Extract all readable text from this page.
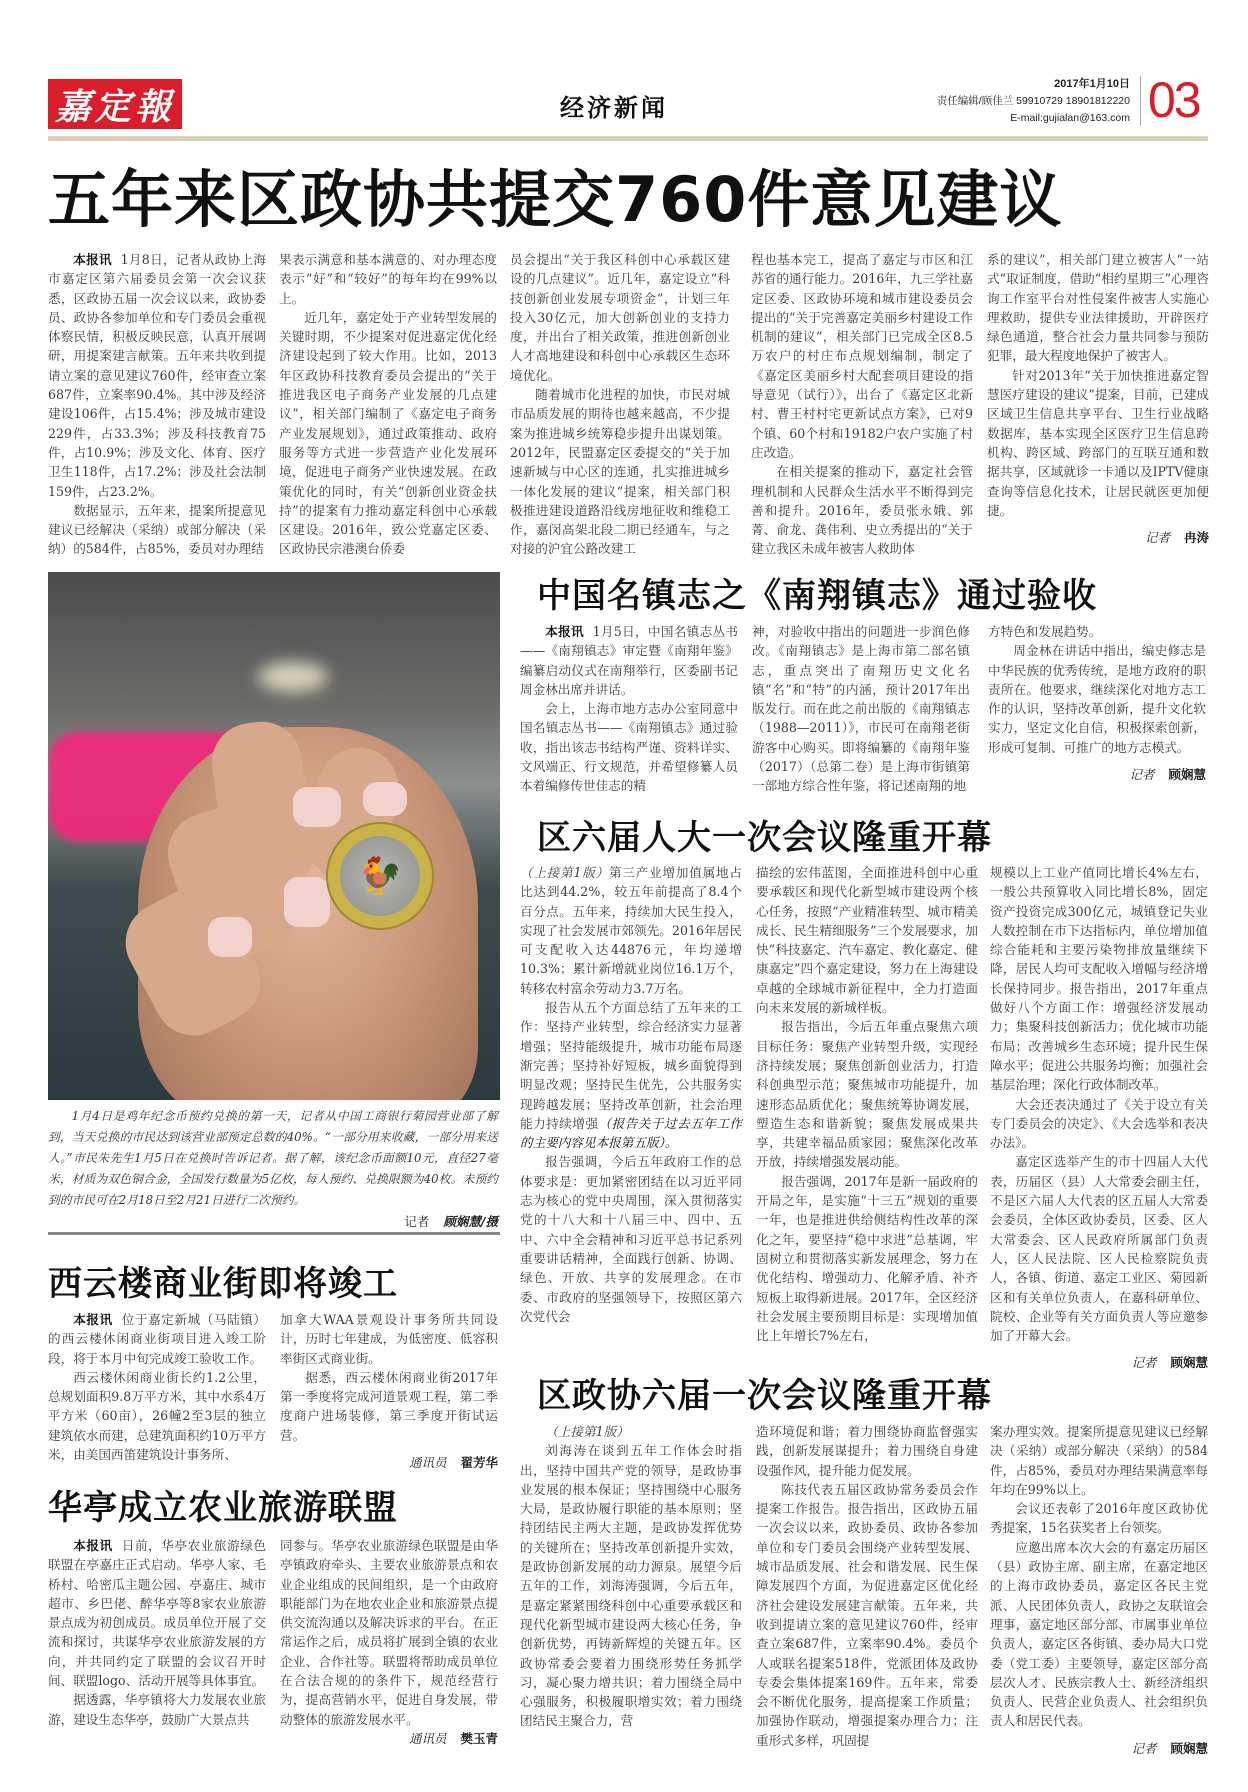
嘉定報	经济新闻
2017年1月10日
责任编辑/顾佳兰 59910729 18901812220
E-mail:gujialan@163.com 03
五年来区政协共提交760件意见建议

本报讯 1月8日，记者从政协上海市嘉定区第六届委员会第一次会议获悉，区政协五届一次会议以来，政协委员、政协各参加单位和专门委员会重视体察民情，积极反映民意，认真开展调研，用提案建言献策。五年来共收到提请立案的意见建议760件，经审查立案687件，立案率90.4%。其中涉及经济建设106件，占15.4%；涉及城市建设229件，占33.3%；涉及科技教育75件，占10.9%；涉及文化、体育、医疗卫生118件，占17.2%；涉及社会法制159件，占23.2%。

数据显示，五年来，提案所提意见建议已经解决（采纳）或部分解决（采纳）的584件，占85%，委员对办理结

果表示满意和基本满意的、对办理态度表示“好”和“较好”的每年均在99%以上。

近几年，嘉定处于产业转型发展的关键时期，不少提案对促进嘉定优化经济建设起到了较大作用。比如，2013年区政协科技教育委员会提出的“关于推进我区电子商务产业发展的几点建议”，相关部门编制了《嘉定电子商务产业发展规划》，通过政策推动、政府服务等方式进一步营造产业化发展环境，促进电子商务产业快速发展。在政策优化的同时，有关“创新创业资金扶持”的提案有力推动嘉定科创中心承载区建设。2016年，致公党嘉定区委、区政协民宗港澳台侨委

员会提出“关于我区科创中心承载区建设的几点建议”。近几年，嘉定设立“科技创新创业发展专项资金”，计划三年投入30亿元，加大创新创业的支持力度，并出台了相关政策，推进创新创业人才高地建设和科创中心承载区生态环境优化。

随着城市化进程的加快，市民对城市品质发展的期待也越来越高，不少提案为推进城乡统筹稳步提升出谋划策。2012年，民盟嘉定区委提交的“关于加速新城与中心区的连通，扎实推进城乡一体化发展的建议”提案，相关部门积极推进建设道路沿线房地征收和维稳工作，嘉闵高架北段二期已经通车，与之对接的沪宜公路改建工

程也基本完工，提高了嘉定与市区和江苏省的通行能力。2016年，九三学社嘉定区委、区政协环境和城市建设委员会提出的“关于完善嘉定美丽乡村建设工作机制的建议”，相关部门已完成全区8.5万农户的村庄布点规划编制，制定了《嘉定区美丽乡村大配套项目建设的指导意见（试行）》，出台了《嘉定区北新村、曹王村村宅更新试点方案》，已对9个镇、60个村和19182户农户实施了村庄改造。

在相关提案的推动下，嘉定社会管理机制和人民群众生活水平不断得到完善和提升。2016年，委员张永娥、郭菁、俞龙、龚伟利、史立秀提出的“关于建立我区未成年被害人救助体

系的建议”，相关部门建立被害人“一站式”取证制度，借助“相约星期三”心理咨询工作室平台对性侵案件被害人实施心理救助，提供专业法律援助，开辟医疗绿色通道，整合社会力量共同参与预防犯罪，最大程度地保护了被害人。

针对2013年“关于加快推进嘉定智慧医疗建设的建议”提案，目前，已建成区域卫生信息共享平台、卫生行业战略数据库，基本实现全区医疗卫生信息跨机构、跨区域、跨部门的互联互通和数据共享，区域就诊一卡通以及IPTV健康查询等信息化技术，让居民就医更加便捷。

记者 冉涛
🐓
1月4日是鸡年纪念币预约兑换的第一天，记者从中国工商银行菊园营业部了解到，当天兑换的市民达到该营业部预定总数的40%。“一部分用来收藏，一部分用来送人。”市民朱先生1月5日在兑换时告诉记者。据了解，该纪念币面额10元，直径27毫米，材质为双色铜合金，全国发行数量为5亿枚，每人预约、兑换限额为40枚。未预约到的市民可在2月18日至2月21日进行二次预约。
记者 顾娴慧/摄
中国名镇志之《南翔镇志》通过验收

本报讯 1月5日，中国名镇志丛书——《南翔镇志》审定暨《南翔年鉴》编纂启动仪式在南翔举行，区委副书记周金林出席并讲话。

会上，上海市地方志办公室同意中国名镇志丛书——《南翔镇志》通过验收，指出该志书结构严谨、资料详实、文风端正、行文规范，并希望修纂人员本着编修传世佳志的精

神，对验收中指出的问题进一步润色修改。《南翔镇志》是上海市第二部名镇志，重点突出了南翔历史文化名镇“名”和“特”的内涵，预计2017年出版发行。而在此之前出版的《南翔镇志（1988—2011）》，市民可在南翔老街游客中心购买。即将编纂的《南翔年鉴（2017）（总第二卷）是上海市街镇第一部地方综合性年鉴，将记述南翔的地

方特色和发展趋势。

周金林在讲话中指出，编史修志是中华民族的优秀传统，是地方政府的职责所在。他要求，继续深化对地方志工作的认识，坚持改革创新，提升文化软实力，坚定文化自信，积极探索创新，形成可复制、可推广的地方志模式。

记者 顾娴慧
区六届人大一次会议隆重开幕

（上接第1版）第三产业增加值属地占比达到44.2%，较五年前提高了8.4个百分点。五年来，持续加大民生投入，实现了社会发展市郊领先。2016年居民可支配收入达44876元，年均递增10.3%；累计新增就业岗位16.1万个，转移农村富余劳动力3.7万名。

报告从五个方面总结了五年来的工作：坚持产业转型，综合经济实力显著增强；坚持能级提升，城市功能布局逐渐完善；坚持补好短板，城乡面貌得到明显改观；坚持民生优先，公共服务实现跨越发展；坚持改革创新，社会治理能力持续增强（报告关于过去五年工作的主要内容见本报第五版）。

报告强调，今后五年政府工作的总体要求是：更加紧密团结在以习近平同志为核心的党中央周围，深入贯彻落实党的十八大和十八届三中、四中、五中、六中全会精神和习近平总书记系列重要讲话精神，全面践行创新、协调、绿色、开放、共享的发展理念。在市委、市政府的坚强领导下，按照区第六次党代会

描绘的宏伟蓝图，全面推进科创中心重要承载区和现代化新型城市建设两个核心任务，按照“产业精准转型、城市精美成长、民生精细服务”三个发展要求，加快“科技嘉定、汽车嘉定、教化嘉定、健康嘉定”四个嘉定建设，努力在上海建设卓越的全球城市新征程中，全力打造面向未来发展的新城样板。

报告指出，今后五年重点聚焦六项目标任务：聚焦产业转型升级，实现经济持续发展；聚焦创新创业活力，打造科创典型示范；聚焦城市功能提升，加速形态品质优化；聚焦统筹协调发展，塑造生态和谐新貌；聚焦发展成果共享，共建幸福品质家园；聚焦深化改革开放，持续增强发展动能。

报告强调，2017年是新一届政府的开局之年，是实施“十三五”规划的重要一年，也是推进供给侧结构性改革的深化之年，要坚持“稳中求进”总基调，牢固树立和贯彻落实新发展理念，努力在优化结构、增强动力、化解矛盾、补齐短板上取得新进展。2017年，全区经济社会发展主要预期目标是：实现增加值比上年增长7%左右，

规模以上工业产值同比增长4%左右，一般公共预算收入同比增长8%，固定资产投资完成300亿元，城镇登记失业人数控制在市下达指标内，单位增加值综合能耗和主要污染物排放量继续下降，居民人均可支配收入增幅与经济增长保持同步。报告指出，2017年重点做好八个方面工作：增强经济发展动力；集聚科技创新活力；优化城市功能布局；改善城乡生态环境；提升民生保障水平；促进公共服务均衡；加强社会基层治理；深化行政体制改革。

大会还表决通过了《关于设立有关专门委员会的决定》、《大会选举和表决办法》。

嘉定区选举产生的市十四届人大代表，历届区（县）人大常委会副主任，不是区六届人大代表的区五届人大常委会委员，全体区政协委员，区委、区人大常委会、区人民政府所属部门负责人，区人民法院、区人民检察院负责人，各镇、街道、嘉定工业区、菊园新区和有关单位负责人，在嘉科研单位、院校、企业等有关方面负责人等应邀参加了开幕大会。

记者 顾娴慧
西云楼商业街即将竣工

本报讯 位于嘉定新城（马陆镇）的西云楼休闲商业街项目进入竣工阶段，将于本月中旬完成竣工验收工作。

西云楼休闲商业街长约1.2公里，总规划面积9.8万平方米，其中水系4万平方米（60亩），26幢2至3层的独立建筑依水而建，总建筑面积约10万平方米，由美国西笛建筑设计事务所、

加拿大WAA景观设计事务所共同设计，历时七年建成，为低密度、低容积率街区式商业街。

据悉，西云楼休闲商业街2017年第一季度将完成河道景观工程，第二季度商户进场装修，第三季度开街试运营。

通讯员 翟芳华
华亭成立农业旅游联盟

本报讯 日前，华亭农业旅游绿色联盟在亭嘉庄正式启动。华亭人家、毛桥村、哈密瓜主题公园、亭嘉庄、城市超市、乡巴佬、醉华亭等8家农业旅游景点成为初创成员。成员单位开展了交流和探讨，共谋华亭农业旅游发展的方向，并共同约定了联盟的会议召开时间、联盟logo、活动开展等具体事宜。

据透露，华亭镇将大力发展农业旅游，建设生态华亭，鼓励广大景点共

同参与。华亭农业旅游绿色联盟是由华亭镇政府牵头、主要农业旅游景点和农业企业组成的民间组织，是一个由政府职能部门为在地农业企业和旅游景点提供交流沟通以及解决诉求的平台。在正常运作之后，成员将扩展到全镇的农业企业、合作社等。联盟将帮助成员单位在合法合规的的条件下，规范经营行为，提高营销水平，促进自身发展，带动整体的旅游发展水平。

通讯员 樊玉青
区政协六届一次会议隆重开幕

（上接第1版）

刘海涛在谈到五年工作体会时指出，坚持中国共产党的领导，是政协事业发展的根本保证；坚持围绕中心服务大局，是政协履行职能的基本原则；坚持团结民主两大主题，是政协发挥优势的关键所在；坚持改革创新提升实效，是政协创新发展的动力源泉。展望今后五年的工作，刘海涛强调，今后五年，是嘉定紧紧围绕科创中心重要承载区和现代化新型城市建设两大核心任务，争创新优势，再铸新辉煌的关键五年。区政协常委会要着力围绕形势任务抓学习，凝心聚力增共识；着力围绕全局中心强服务，积极履职增实效；着力围绕团结民主聚合力，营

造环境促和谐；着力围绕协商监督强实践，创新发展谋提升；着力围绕自身建设强作风，提升能力促发展。

陈技代表五届区政协常务委员会作提案工作报告。报告指出，区政协五届一次会议以来，政协委员、政协各参加单位和专门委员会围绕产业转型发展、城市品质发展、社会和谐发展、民生保障发展四个方面，为促进嘉定区优化经济社会建设发展建言献策。五年来，共收到提请立案的意见建议760件，经审查立案687件，立案率90.4%。委员个人或联名提案518件，党派团体及政协专委会集体提案169件。五年来，常委会不断优化服务，提高提案工作质量；加强协作联动，增强提案办理合力；注重形式多样，巩固提

案办理实效。提案所提意见建议已经解决（采纳）或部分解决（采纳）的584件，占85%，委员对办理结果满意率每年均在99%以上。

会议还表彰了2016年度区政协优秀提案，15名获奖者上台领奖。

应邀出席本次大会的有嘉定历届区（县）政协主席、副主席，在嘉定地区的上海市政协委员，嘉定区各民主党派、人民团体负责人，政协之友联谊会理事，嘉定地区部分部、市属事业单位负责人，嘉定区各街镇、委办局大口党委（党工委）主要领导，嘉定区部分高层次人才、民族宗教人士、新经济组织负责人、民营企业负责人、社会组织负责人和居民代表。

记者 顾娴慧
